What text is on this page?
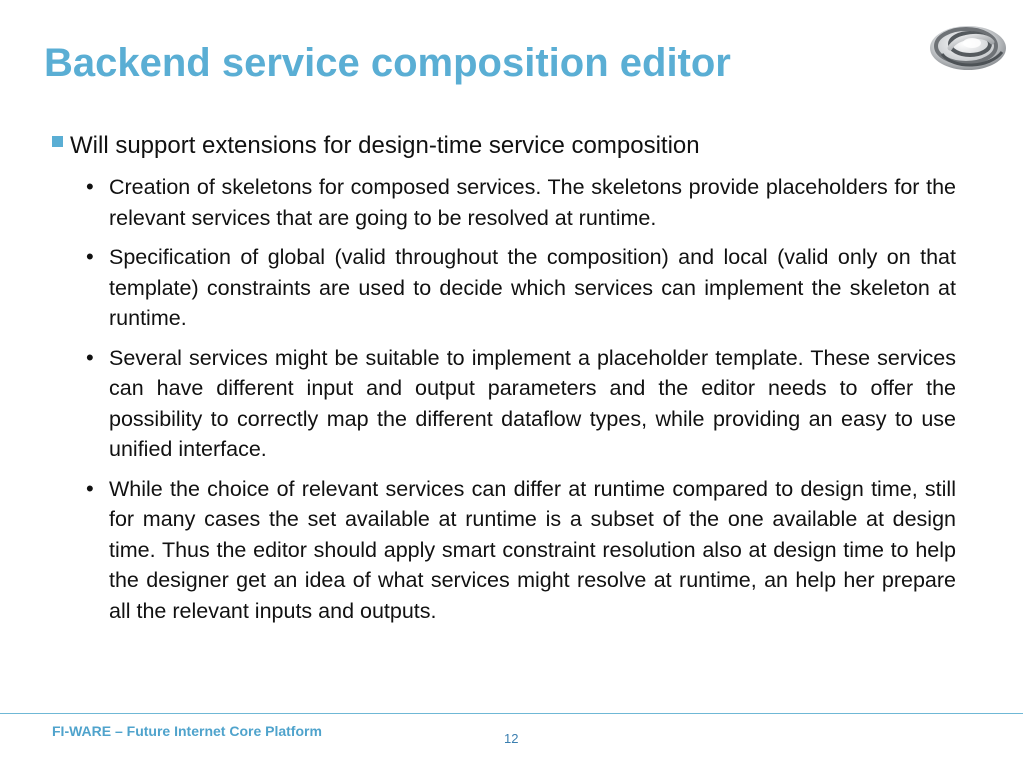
Backend service composition editor
Will support extensions for design-time service composition
• Creation of skeletons for composed services. The skeletons provide placeholders for the relevant services that are going to be resolved at runtime.
• Specification of global (valid throughout the composition) and local (valid only on that template) constraints are used to decide which services can implement the skeleton at runtime.
• Several services might be suitable to implement a placeholder template. These services can have different input and output parameters and the editor needs to offer the possibility to correctly map the different dataflow types, while providing an easy to use unified interface.
• While the choice of relevant services can differ at runtime compared to design time, still for many cases the set available at runtime is a subset of the one available at design time. Thus the editor should apply smart constraint resolution also at design time to help the designer get an idea of what services might resolve at runtime, an help her prepare all the relevant inputs and outputs.
FI-WARE – Future Internet Core Platform	12
